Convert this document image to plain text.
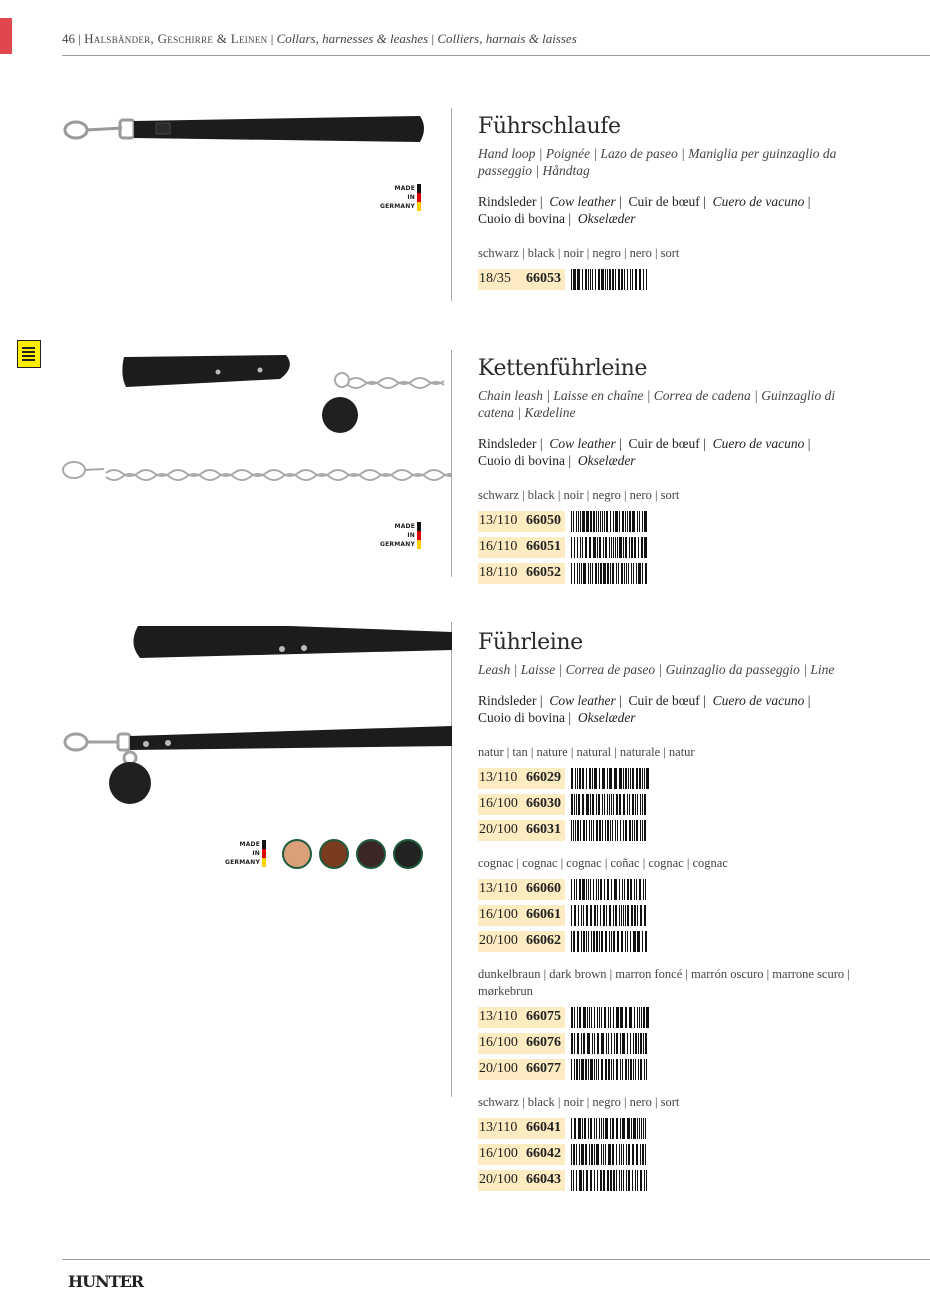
46 | Halsbänder, Geschirre & Leinen | Collars, harnesses & leashes | Colliers, harnais & laisses
MADE
IN
GERMANY
MADE
IN
GERMANY
MADE
IN
GERMANY
Führschlaufe
Hand loop | Poignée | Lazo de paseo | Maniglia per guinzaglio da passeggio | Håndtag
Rindsleder |  Cow leather |  Cuir de bœuf |  Cuero de vacuno |  Cuoio di bovina |  Okselæder
schwarz | black | noir | negro | nero | sort
18/35	66053
Kettenführleine
Chain leash | Laisse en chaîne | Correa de cadena | Guinzaglio di catena | Kædeline
Rindsleder |  Cow leather |  Cuir de bœuf |  Cuero de vacuno |  Cuoio di bovina |  Okselæder
schwarz | black | noir | negro | nero | sort
13/110 66050
16/110 66051
18/110 66052
Führleine
Leash | Laisse | Correa de paseo | Guinzaglio da passeggio | Line
Rindsleder |  Cow leather |  Cuir de bœuf |  Cuero de vacuno |  Cuoio di bovina |  Okselæder
natur | tan | nature | natural | naturale | natur
13/110 66029
16/100 66030
20/100 66031
cognac | cognac | cognac | coñac | cognac | cognac
13/110 66060
16/100 66061
20/100 66062
dunkelbraun | dark brown | marron foncé | marrón oscuro | marrone scuro | mørkebrun
13/110 66075
16/100 66076
20/100 66077
schwarz | black | noir | negro | nero | sort
13/110 66041
16/100 66042
20/100 66043
HUNTER
